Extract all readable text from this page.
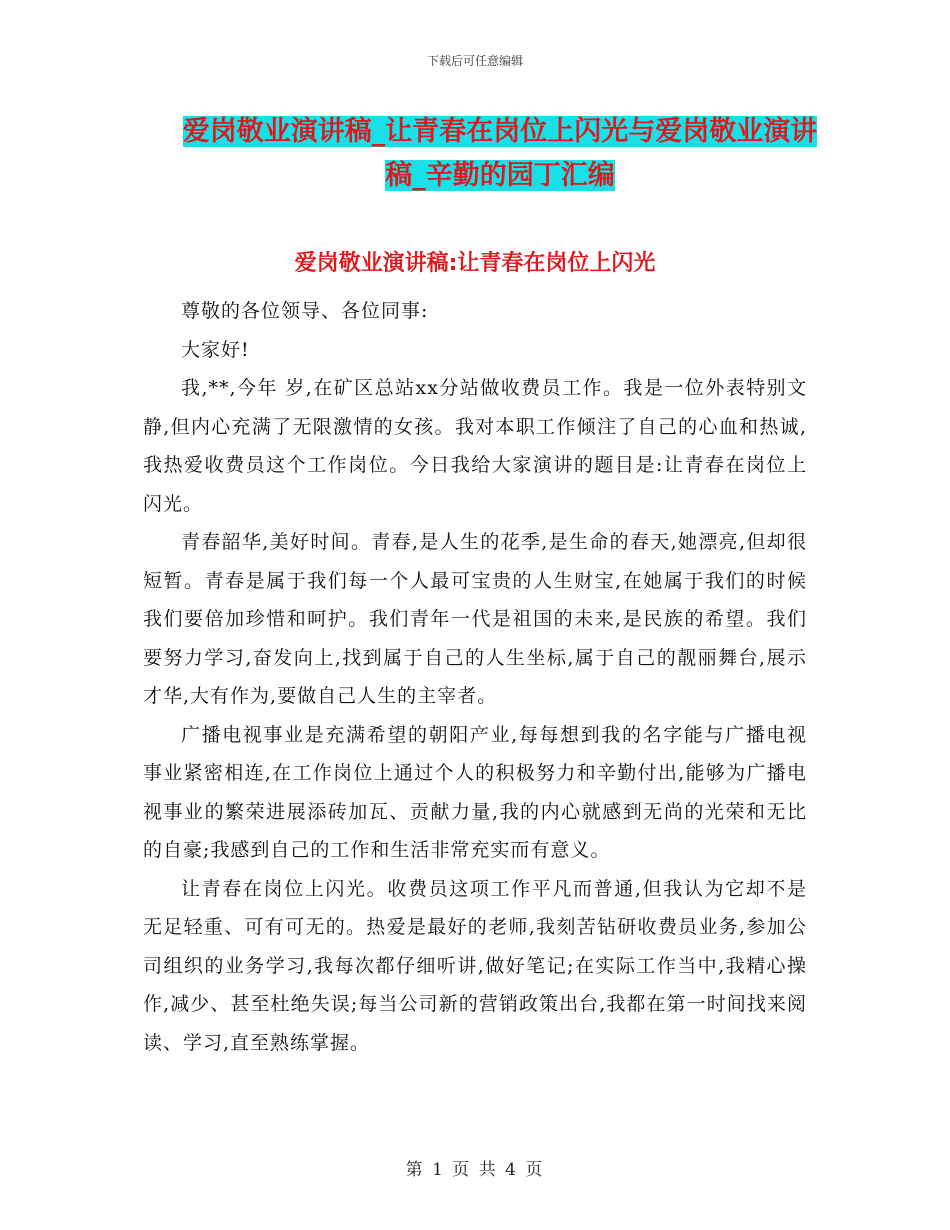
下载后可任意编辑
爱岗敬业演讲稿_让青春在岗位上闪光与爱岗敬业演讲
稿_辛勤的园丁汇编
爱岗敬业演讲稿:让青春在岗位上闪光

尊敬的各位领导、各位同事:

大家好!

我,**,今年 岁,在矿区总站xx分站做收费员工作。我是一位外表特别文静,但内心充满了无限激情的女孩。我对本职工作倾注了自己的心血和热诚,我热爱收费员这个工作岗位。今日我给大家演讲的题目是:让青春在岗位上闪光。

青春韶华,美好时间。青春,是人生的花季,是生命的春天,她漂亮,但却很短暂。青春是属于我们每一个人最可宝贵的人生财宝,在她属于我们的时候我们要倍加珍惜和呵护。我们青年一代是祖国的未来,是民族的希望。我们要努力学习,奋发向上,找到属于自己的人生坐标,属于自己的靓丽舞台,展示才华,大有作为,要做自己人生的主宰者。

广播电视事业是充满希望的朝阳产业,每每想到我的名字能与广播电视事业紧密相连,在工作岗位上通过个人的积极努力和辛勤付出,能够为广播电视事业的繁荣进展添砖加瓦、贡献力量,我的内心就感到无尚的光荣和无比的自豪;我感到自己的工作和生活非常充实而有意义。

让青春在岗位上闪光。收费员这项工作平凡而普通,但我认为它却不是无足轻重、可有可无的。热爱是最好的老师,我刻苦钻研收费员业务,参加公司组织的业务学习,我每次都仔细听讲,做好笔记;在实际工作当中,我精心操作,减少、甚至杜绝失误;每当公司新的营销政策出台,我都在第一时间找来阅读、学习,直至熟练掌握。

第 1 页 共 4 页
